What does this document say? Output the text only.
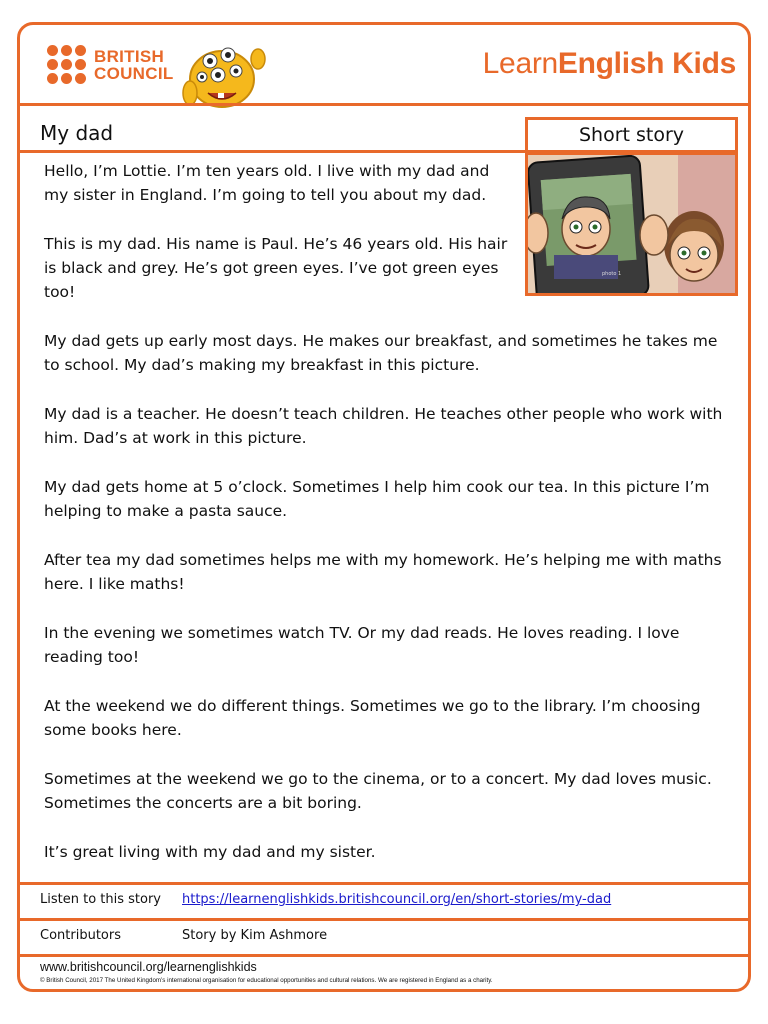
BRITISH
COUNCIL	LearnEnglish Kids
My dad	Short story
photo 1

Hello, I’m Lottie. I’m ten years old. I live with my dad and my sister in England. I’m going to tell you about my dad.

This is my dad. His name is Paul. He’s 46 years old. His hair is black and grey. He’s got green eyes. I’ve got green eyes too!

My dad gets up early most days. He makes our breakfast, and sometimes he takes me to school. My dad’s making my breakfast in this picture.

My dad is a teacher. He doesn’t teach children. He teaches other people who work with him. Dad’s at work in this picture.

My dad gets home at 5 o’clock. Sometimes I help him cook our tea. In this picture I’m helping to make a pasta sauce.

After tea my dad sometimes helps me with my homework. He’s helping me with maths here. I like maths!

In the evening we sometimes watch TV. Or my dad reads. He loves reading. I love reading too!

At the weekend we do different things. Sometimes we go to the library. I’m choosing some books here.

Sometimes at the weekend we go to the cinema, or to a concert. My dad loves music. Sometimes the concerts are a bit boring.

It’s great living with my dad and my sister.

Listen to this story	https://learnenglishkids.britishcouncil.org/en/short-stories/my-dad
Contributors	Story by Kim Ashmore
www.britishcouncil.org/learnenglishkids
© British Council, 2017 The United Kingdom’s international organisation for educational opportunities and cultural relations. We are registered in England as a charity.
